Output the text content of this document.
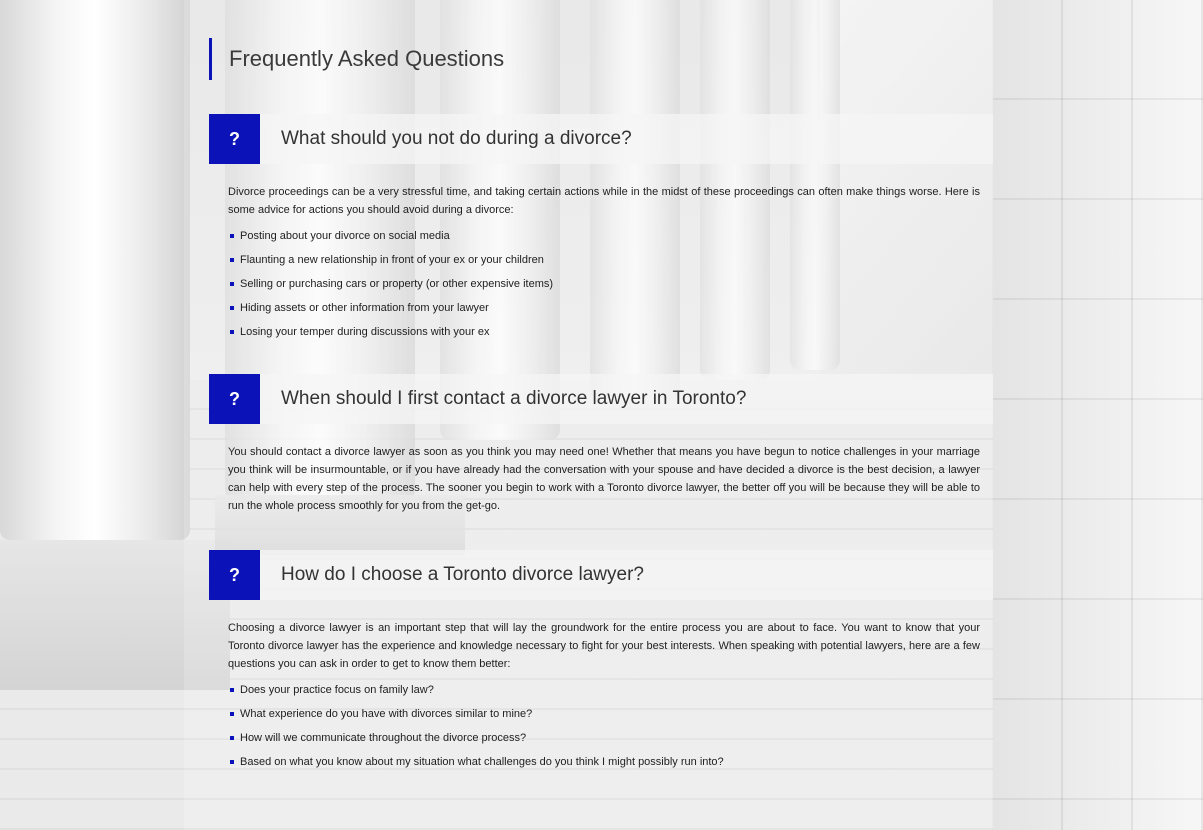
Frequently Asked Questions
?	What should you not do during a divorce?

Divorce proceedings can be a very stressful time, and taking certain actions while in the midst of these proceedings can often make things worse. Here is some advice for actions you should avoid during a divorce:

Posting about your divorce on social media
Flaunting a new relationship in front of your ex or your children
Selling or purchasing cars or property (or other expensive items)
Hiding assets or other information from your lawyer
Losing your temper during discussions with your ex
?	When should I first contact a divorce lawyer in Toronto?

You should contact a divorce lawyer as soon as you think you may need one! Whether that means you have begun to notice challenges in your marriage you think will be insurmountable, or if you have already had the conversation with your spouse and have decided a divorce is the best decision, a lawyer can help with every step of the process. The sooner you begin to work with a Toronto divorce lawyer, the better off you will be because they will be able to run the whole process smoothly for you from the get-go.

?	How do I choose a Toronto divorce lawyer?

Choosing a divorce lawyer is an important step that will lay the groundwork for the entire process you are about to face. You want to know that your Toronto divorce lawyer has the experience and knowledge necessary to fight for your best interests. When speaking with potential lawyers, here are a few questions you can ask in order to get to know them better:

Does your practice focus on family law?
What experience do you have with divorces similar to mine?
How will we communicate throughout the divorce process?
Based on what you know about my situation what challenges do you think I might possibly run into?
